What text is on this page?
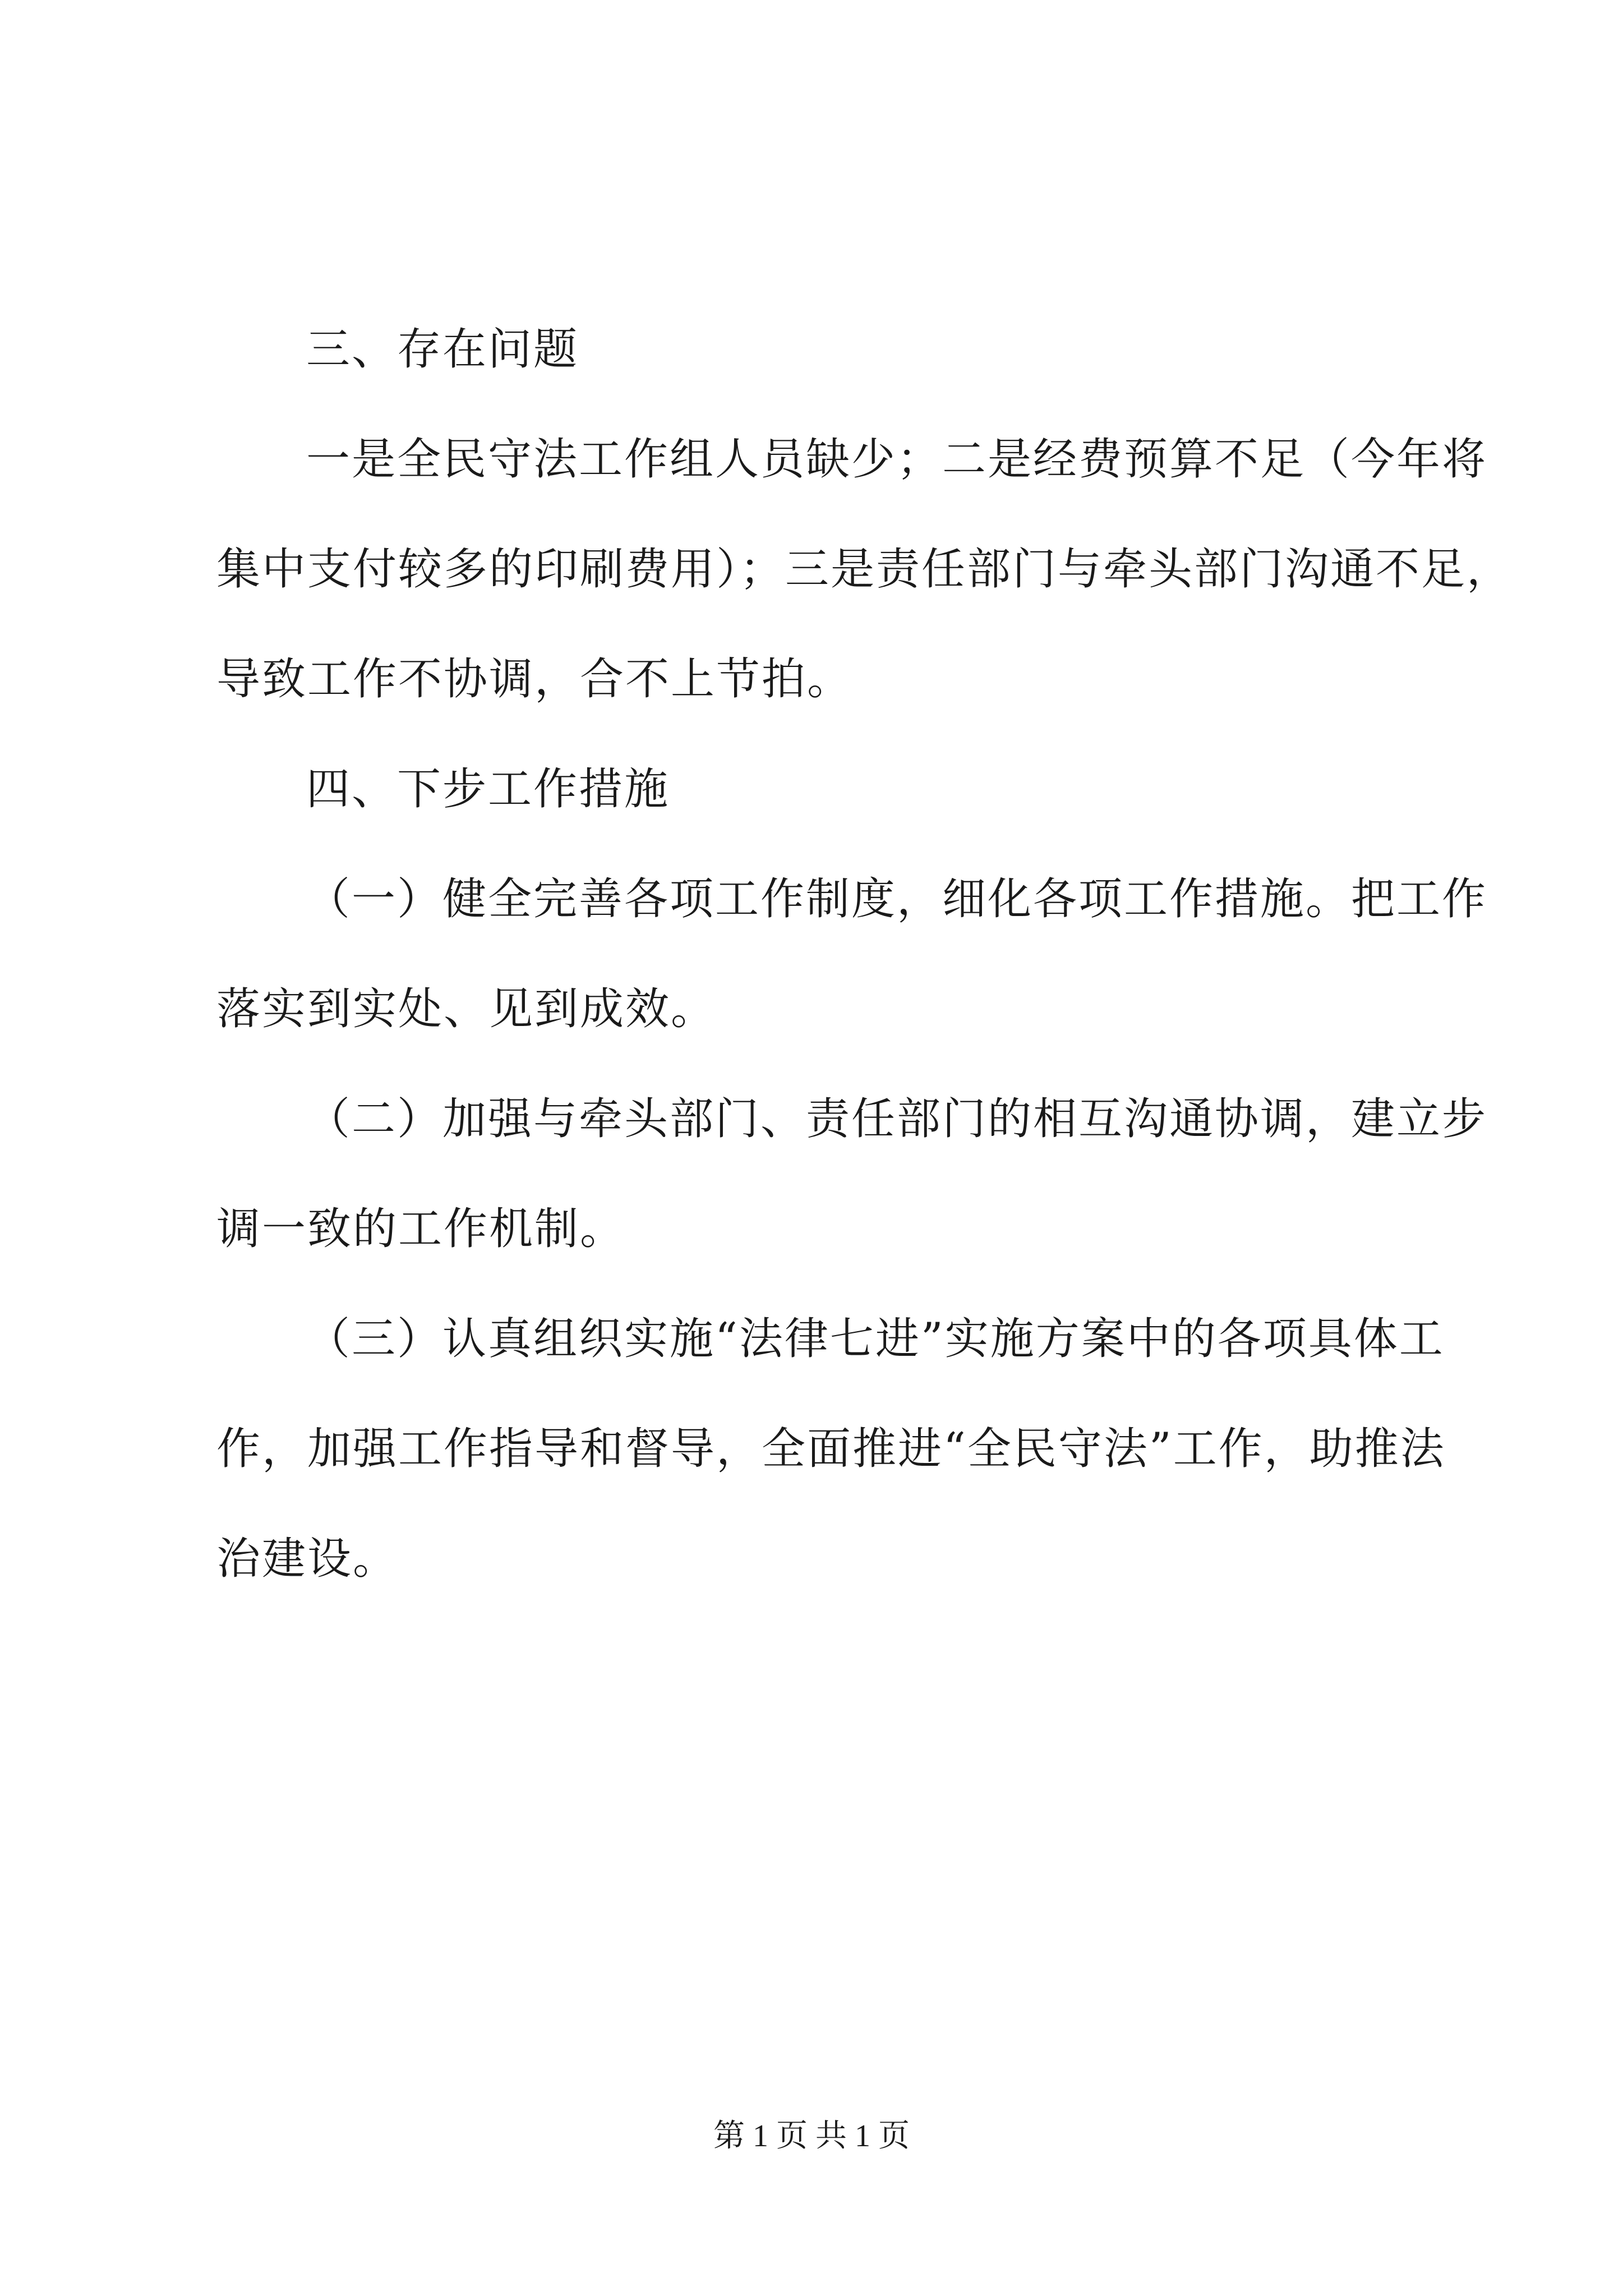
三、存在问题
一是全民守法工作组人员缺少；二是经费预算不足（今年将
集中支付较多的印刷费用）；三是责任部门与牵头部门沟通不足，
导致工作不协调，合不上节拍。
四、下步工作措施
（一）健全完善各项工作制度，细化各项工作措施。把工作
落实到实处、见到成效。
（二）加强与牵头部门、责任部门的相互沟通协调，建立步
调一致的工作机制。
（三）认真组织实施“法律七进”实施方案中的各项具体工
作，加强工作指导和督导，全面推进“全民守法”工作，助推法
治建设。
第 1 页 共 1 页
